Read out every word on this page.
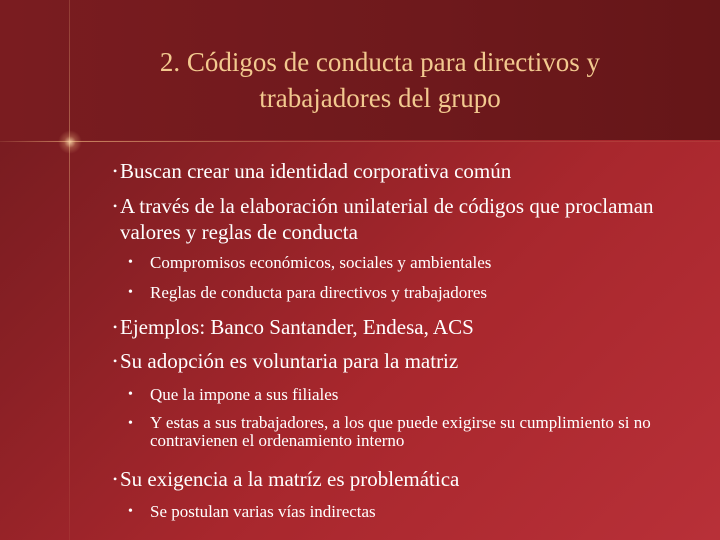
2. Códigos de conducta para directivos y
trabajadores del grupo
• Buscan crear una identidad corporativa común
• A través de la elaboración unilaterial de códigos que proclaman valores y reglas de conducta
• Compromisos económicos, sociales y ambientales
• Reglas de conducta para directivos y trabajadores
• Ejemplos: Banco Santander, Endesa, ACS
• Su adopción es voluntaria para la matriz
• Que la impone a sus filiales
• Y estas a sus trabajadores, a los que puede exigirse su cumplimiento si no contravienen el ordenamiento interno
• Su exigencia a la matríz es problemática
• Se postulan varias vías indirectas
